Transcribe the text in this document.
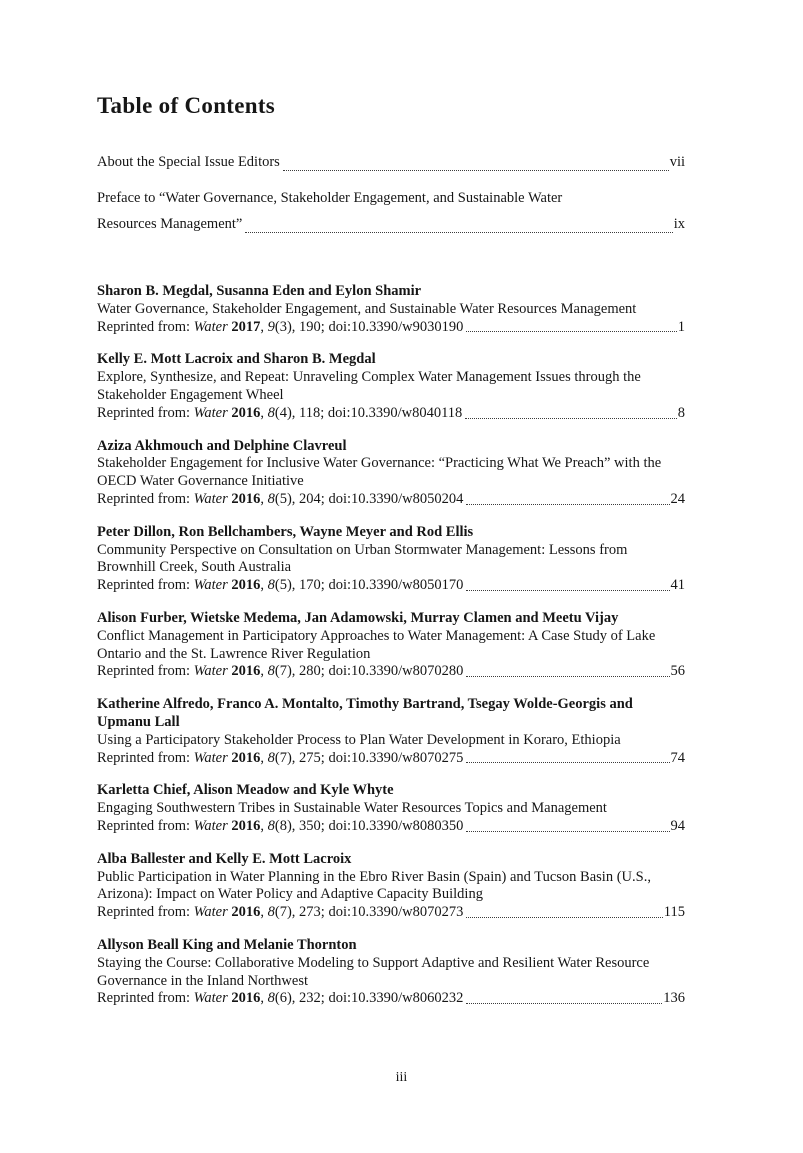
Table of Contents
About the Special Issue Editors	vii
Preface to “Water Governance, Stakeholder Engagement, and Sustainable Water
Resources Management”	ix
Sharon B. Megdal, Susanna Eden and Eylon Shamir
Water Governance, Stakeholder Engagement, and Sustainable Water Resources Management
Reprinted from: Water 2017, 9(3), 190; doi:10.3390/w9030190	1
Kelly E. Mott Lacroix and Sharon B. Megdal
Explore, Synthesize, and Repeat: Unraveling Complex Water Management Issues through the Stakeholder Engagement Wheel
Reprinted from: Water 2016, 8(4), 118; doi:10.3390/w8040118	8
Aziza Akhmouch and Delphine Clavreul
Stakeholder Engagement for Inclusive Water Governance: “Practicing What We Preach” with the OECD Water Governance Initiative
Reprinted from: Water 2016, 8(5), 204; doi:10.3390/w8050204	24
Peter Dillon, Ron Bellchambers, Wayne Meyer and Rod Ellis
Community Perspective on Consultation on Urban Stormwater Management: Lessons from Brownhill Creek, South Australia
Reprinted from: Water 2016, 8(5), 170; doi:10.3390/w8050170	41
Alison Furber, Wietske Medema, Jan Adamowski, Murray Clamen and Meetu Vijay
Conflict Management in Participatory Approaches to Water Management: A Case Study of Lake Ontario and the St. Lawrence River Regulation
Reprinted from: Water 2016, 8(7), 280; doi:10.3390/w8070280	56
Katherine Alfredo, Franco A. Montalto, Timothy Bartrand, Tsegay Wolde-Georgis and Upmanu Lall
Using a Participatory Stakeholder Process to Plan Water Development in Koraro, Ethiopia
Reprinted from: Water 2016, 8(7), 275; doi:10.3390/w8070275	74
Karletta Chief, Alison Meadow and Kyle Whyte
Engaging Southwestern Tribes in Sustainable Water Resources Topics and Management
Reprinted from: Water 2016, 8(8), 350; doi:10.3390/w8080350	94
Alba Ballester and Kelly E. Mott Lacroix
Public Participation in Water Planning in the Ebro River Basin (Spain) and Tucson Basin (U.S., Arizona): Impact on Water Policy and Adaptive Capacity Building
Reprinted from: Water 2016, 8(7), 273; doi:10.3390/w8070273	115
Allyson Beall King and Melanie Thornton
Staying the Course: Collaborative Modeling to Support Adaptive and Resilient Water Resource Governance in the Inland Northwest
Reprinted from: Water 2016, 8(6), 232; doi:10.3390/w8060232	136
iii
